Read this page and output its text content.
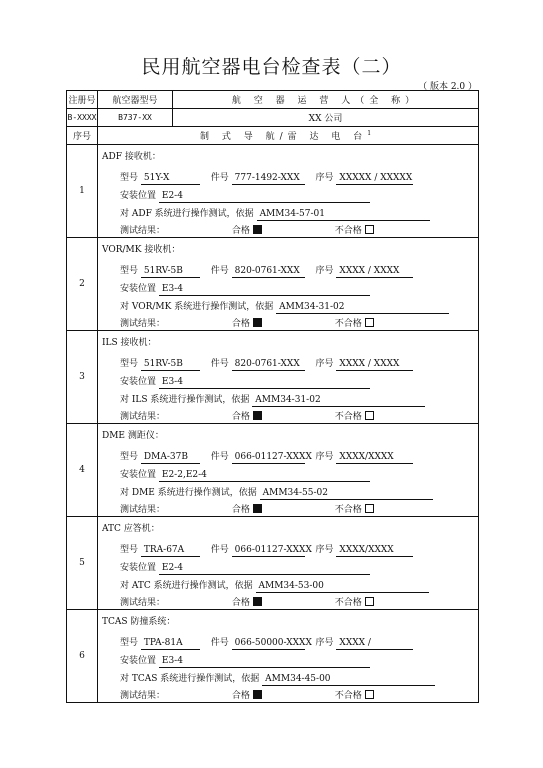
民用航空器电台检查表（二）
（ 版本 2.0 ）
注册号	航空器型号	航 空 器 运 营 人（全 称）
B-XXXX	B737-XX	XX 公司
序号	制 式 导 航/雷 达 电 台$^1$
1	ADF 接收机：
型号 51Y-X 件号 777-1492-XXX 序号 XXXXX / XXXXX
安装位置 E2-4
对 ADF 系统进行操作测试，依据 AMM34-57-01
测试结果： 合格 不合格	

2	VOR/MK 接收机：
型号 51RV-5B 件号 820-0761-XXX 序号 XXXX / XXXX
安装位置 E3-4
对 VOR/MK 系统进行操作测试，依据 AMM34-31-02
测试结果： 合格 不合格	

3	ILS 接收机：
型号 51RV-5B 件号 820-0761-XXX 序号 XXXX / XXXX
安装位置 E3-4
对 ILS 系统进行操作测试，依据 AMM34-31-02
测试结果： 合格 不合格	

4	DME 测距仪：
型号 DMA-37B 件号 066-01127-XXXX 序号 XXXX/XXXX
安装位置 E2-2,E2-4
对 DME 系统进行操作测试，依据 AMM34-55-02
测试结果： 合格 不合格	

5	ATC 应答机：
型号 TRA-67A 件号 066-01127-XXXX 序号 XXXX/XXXX
安装位置 E2-4
对 ATC 系统进行操作测试，依据 AMM34-53-00
测试结果： 合格 不合格	

6	TCAS 防撞系统：
型号 TPA-81A 件号 066-50000-XXXX 序号 XXXX /
安装位置 E3-4
对 TCAS 系统进行操作测试，依据 AMM34-45-00
测试结果： 合格 不合格	
